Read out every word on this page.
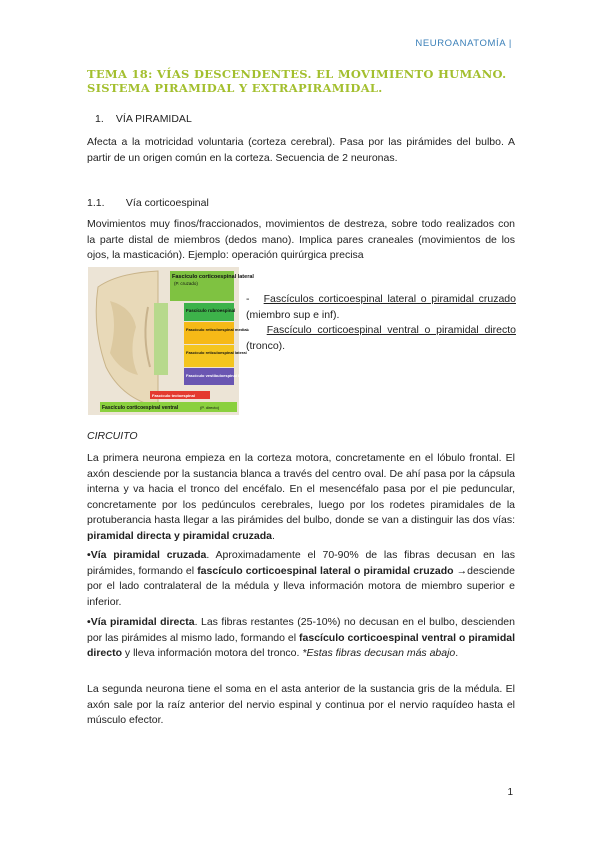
NEUROANATOMÍA |
TEMA 18: VÍAS DESCENDENTES. EL MOVIMIENTO HUMANO. SISTEMA PIRAMIDAL Y EXTRAPIRAMIDAL.
1. VÍA PIRAMIDAL
Afecta a la motricidad voluntaria (corteza cerebral). Pasa por las pirámides del bulbo. A partir de un origen común en la corteza. Secuencia de 2 neuronas.
1.1. Vía corticoespinal
Movimientos muy finos/fraccionados, movimientos de destreza, sobre todo realizados con la parte distal de miembros (dedos mano). Implica pares craneales (movimientos de los ojos, la masticación). Ejemplo: operación quirúrgica precisa
Fascículo corticoespinal lateral
(P. cruzado)
Fascículo rubroespinal
Fascículo reticuloespinal medial
Fascículo reticuloespinal lateral
Fascículo vestibuloespinal lateral
Fascículo tectoespinal
Fascículo corticoespinal ventral	(P. directo)
- Fascículos corticoespinal lateral o piramidal cruzado (miembro sup e inf).
- Fascículo corticoespinal ventral o piramidal directo (tronco).
CIRCUITO
La primera neurona empieza en la corteza motora, concretamente en el lóbulo frontal. El axón desciende por la sustancia blanca a través del centro oval. De ahí pasa por la cápsula interna y va hacia el tronco del encéfalo. En el mesencéfalo pasa por el pie peduncular, concretamente por los pedúnculos cerebrales, luego por los rodetes piramidales de la protuberancia hasta llegar a las pirámides del bulbo, donde se van a distinguir las dos vías: piramidal directa y piramidal cruzada.
•Vía piramidal cruzada. Aproximadamente el 70-90% de las fibras decusan en las pirámides, formando el fascículo corticoespinal lateral o piramidal cruzado →desciende por el lado contralateral de la médula y lleva información motora de miembro superior e inferior.
•Vía piramidal directa. Las fibras restantes (25-10%) no decusan en el bulbo, descienden por las pirámides al mismo lado, formando el fascículo corticoespinal ventral o piramidal directo y lleva información motora del tronco. *Estas fibras decusan más abajo.
La segunda neurona tiene el soma en el asta anterior de la sustancia gris de la médula. El axón sale por la raíz anterior del nervio espinal y continua por el nervio raquídeo hasta el músculo efector.
1
